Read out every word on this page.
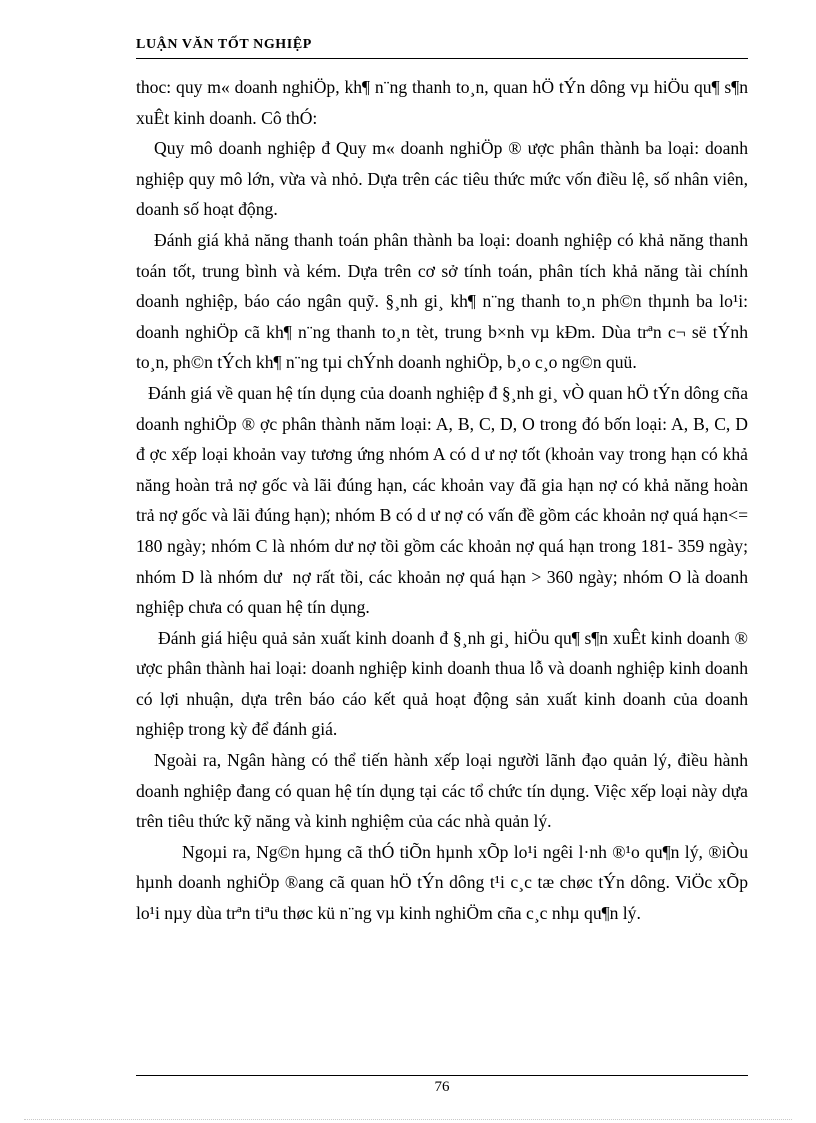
LUẬN VĂN TỐT NGHIỆP

thoc: quy m« doanh nghiÖp, kh¶ n¨ng thanh to¸n, quan hÖ tÝn dông vµ hiÖu qu¶ s¶n xuÊt kinh doanh. Cô thÓ:

Quy mô doanh nghiệp đ Quy m« doanh nghiÖp ® ược phân thành ba loại: doanh nghiệp quy mô lớn, vừa và nhỏ. Dựa trên các tiêu thức mức vốn điều lệ, số nhân viên, doanh số hoạt động.

Đánh giá khả năng thanh toán phân thành ba loại: doanh nghiệp có khả năng thanh toán tốt, trung bình và kém. Dựa trên cơ sở tính toán, phân tích khả năng tài chính doanh nghiệp, báo cáo ngân quỹ. §¸nh gi¸ kh¶ n¨ng thanh to¸n ph©n thµnh ba lo¹i: doanh nghiÖp cã kh¶ n¨ng thanh to¸n tèt, trung b×nh vµ kÐm. Dùa trªn c¬ së tÝnh to¸n, ph©n tÝch kh¶ n¨ng tµi chÝnh doanh nghiÖp, b¸o c¸o ng©n quü.

Đánh giá về quan hệ tín dụng của doanh nghiệp đ §¸nh gi¸ vÒ quan hÖ tÝn dông cña doanh nghiÖp ® ợc phân thành năm loại: A, B, C, D, O trong đó bốn loại: A, B, C, D đ ợc xếp loại khoản vay tương ứng nhóm A có d ư nợ tốt (khoản vay trong hạn có khả năng hoàn trả nợ gốc và lãi đúng hạn, các khoản vay đã gia hạn nợ có khả năng hoàn trả nợ gốc và lãi đúng hạn); nhóm B có d ư nợ có vấn đề gồm các khoản nợ quá hạn<= 180 ngày; nhóm C là nhóm dư nợ tồi gồm các khoản nợ quá hạn trong 181- 359 ngày; nhóm D là nhóm dư nợ rất tồi, các khoản nợ quá hạn > 360 ngày; nhóm O là doanh nghiệp chưa có quan hệ tín dụng.

Đánh giá hiệu quả sản xuất kinh doanh đ §¸nh gi¸ hiÖu qu¶ s¶n xuÊt kinh doanh ® ược phân thành hai loại: doanh nghiệp kinh doanh thua lỗ và doanh nghiệp kinh doanh có lợi nhuận, dựa trên báo cáo kết quả hoạt động sản xuất kinh doanh của doanh nghiệp trong kỳ để đánh giá.

Ngoài ra, Ngân hàng có thể tiến hành xếp loại người lãnh đạo quản lý, điều hành doanh nghiệp đang có quan hệ tín dụng tại các tổ chức tín dụng. Việc xếp loại này dựa trên tiêu thức kỹ năng và kinh nghiệm của các nhà quản lý.

Ngoµi ra, Ng©n hµng cã thÓ tiÕn hµnh xÕp lo¹i ngêi l·nh ®¹o qu¶n lý, ®iÒu hµnh doanh nghiÖp ®ang cã quan hÖ tÝn dông t¹i c¸c tæ chøc tÝn dông. ViÖc xÕp lo¹i nµy dùa trªn tiªu thøc kü n¨ng vµ kinh nghiÖm cña c¸c nhµ qu¶n lý.

76
